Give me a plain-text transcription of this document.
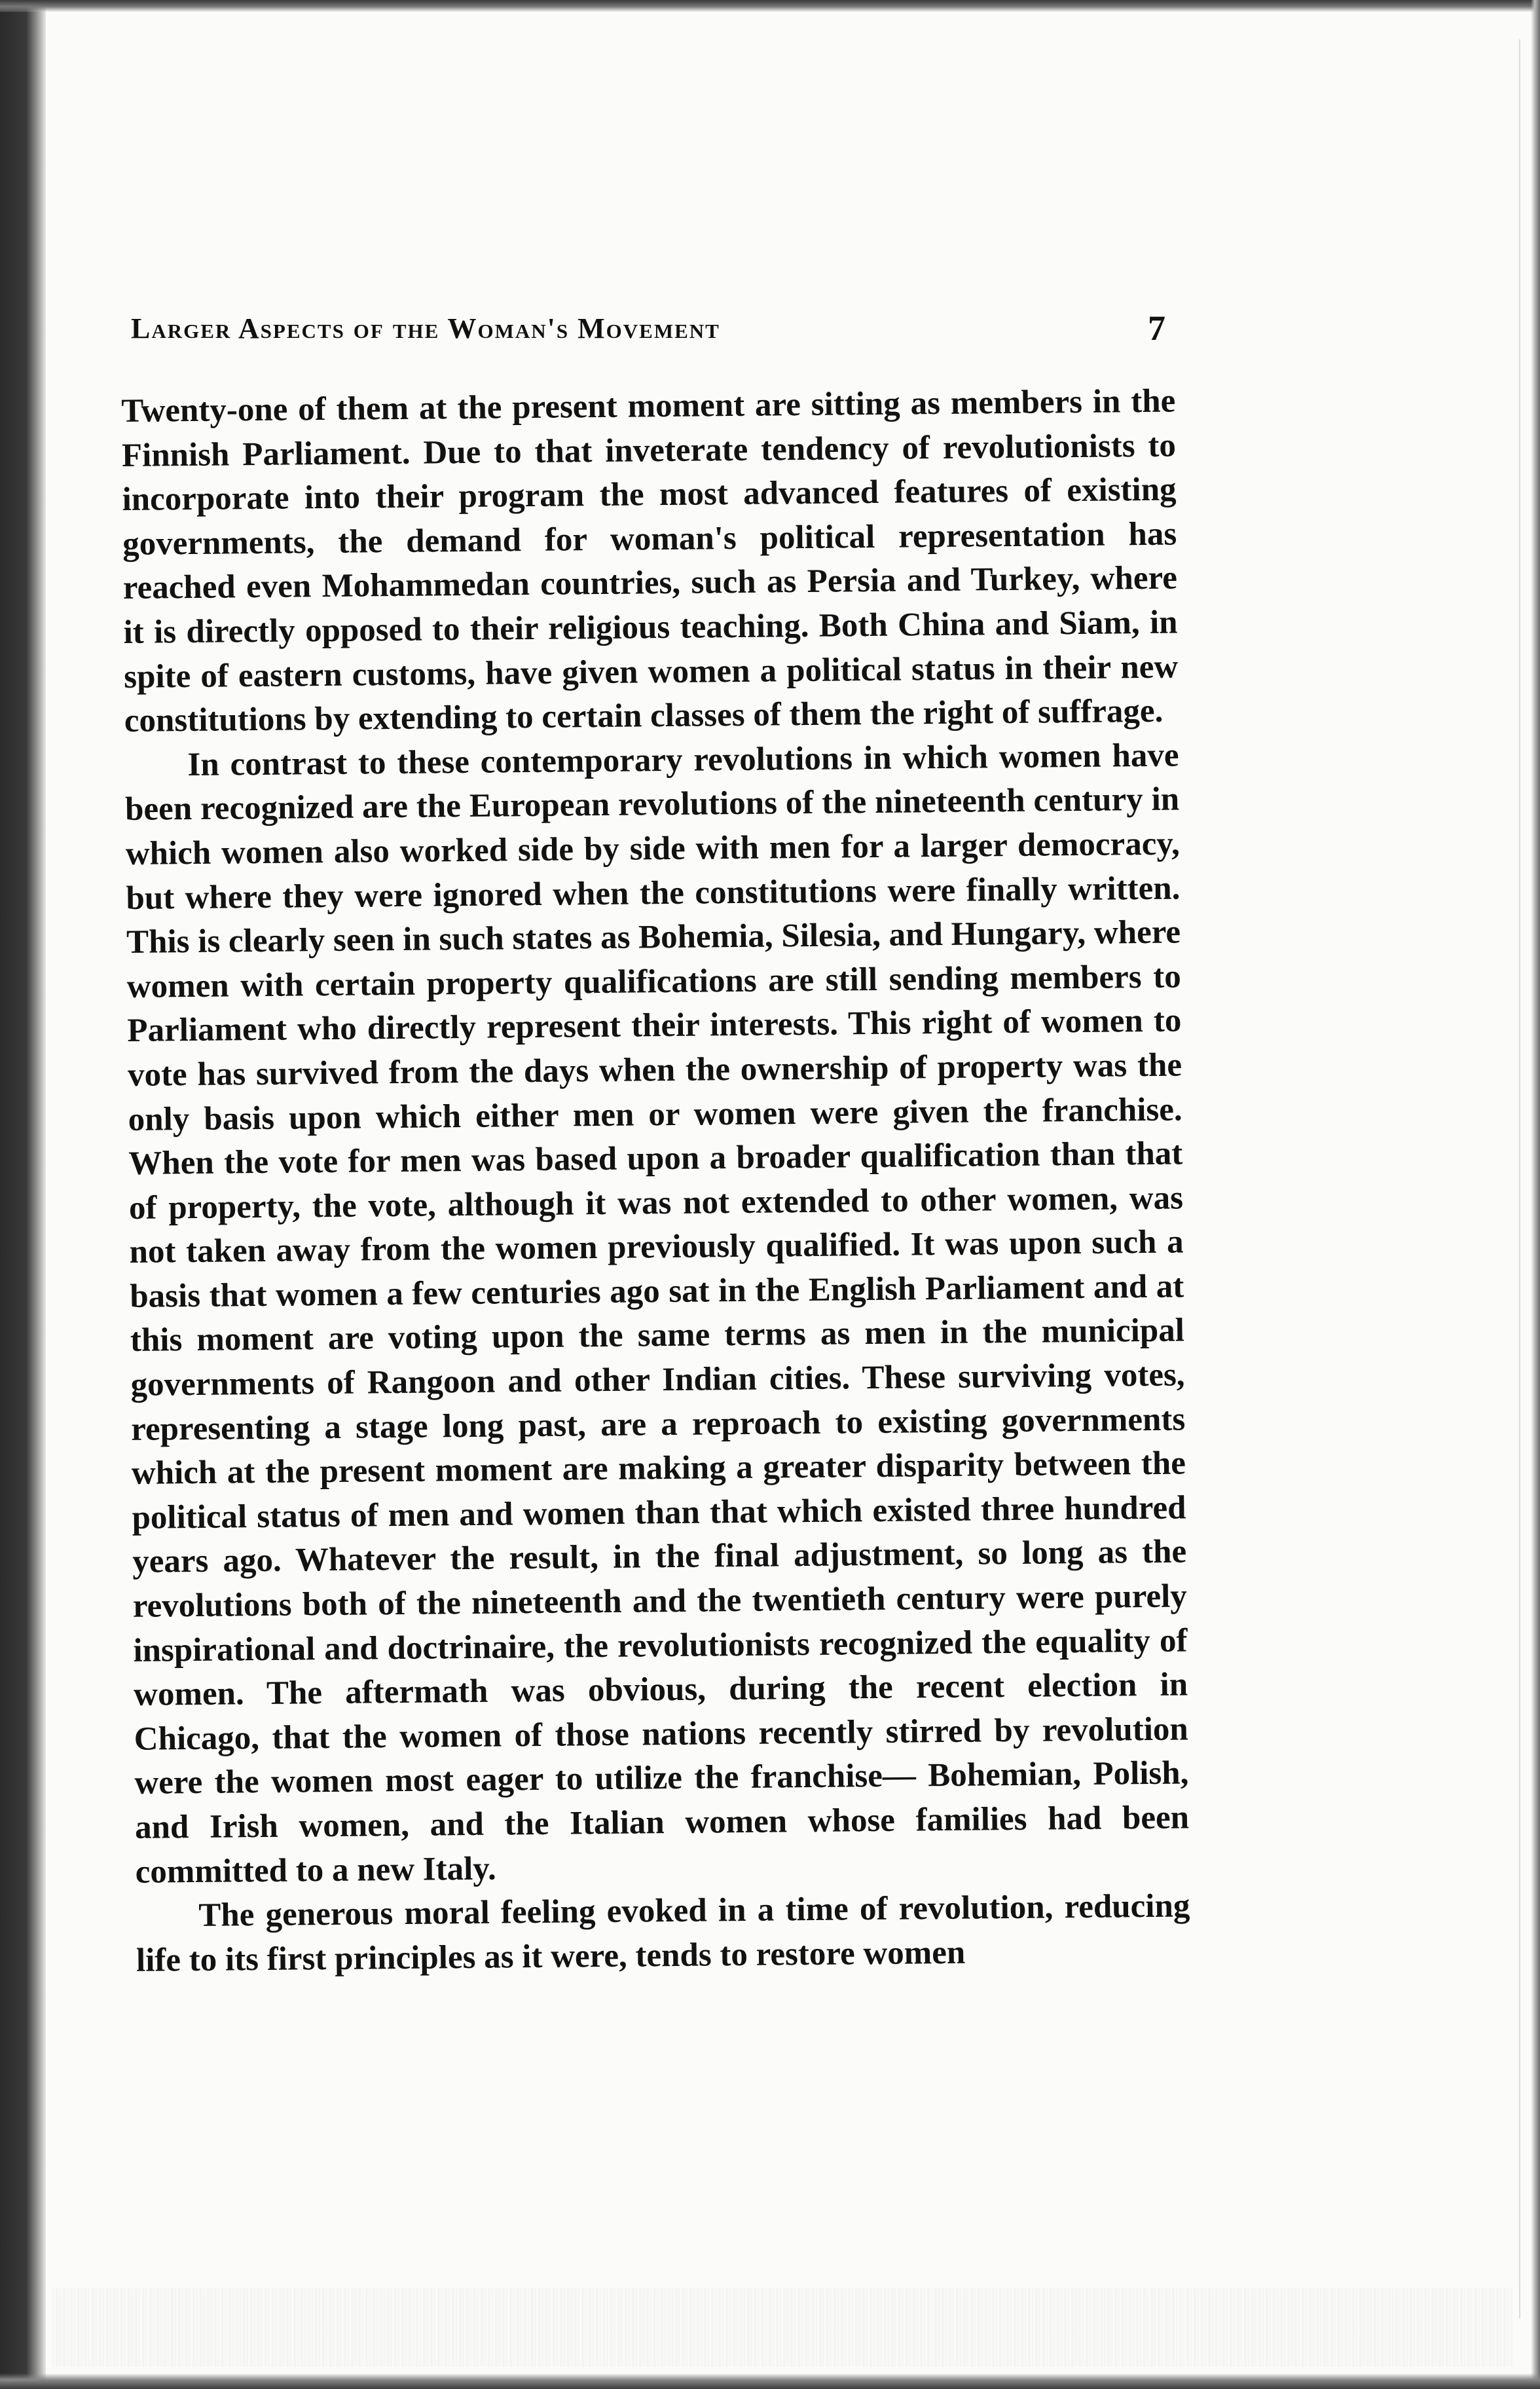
Larger Aspects of the Woman's Movement	7

Twenty-one of them at the present moment are sitting as members in the Finnish Parliament. Due to that inveterate tendency of revolutionists to incorporate into their program the most advanced features of existing governments, the demand for woman's political representation has reached even Mohammedan countries, such as Persia and Turkey, where it is directly opposed to their religious teaching. Both China and Siam, in spite of eastern customs, have given women a political status in their new constitutions by extending to certain classes of them the right of suffrage.

In contrast to these contemporary revolutions in which women have been recognized are the European revolutions of the nineteenth century in which women also worked side by side with men for a larger democracy, but where they were ignored when the constitutions were finally written. This is clearly seen in such states as Bohemia, Silesia, and Hungary, where women with certain property qualifications are still sending members to Parliament who directly represent their interests. This right of women to vote has survived from the days when the ownership of property was the only basis upon which either men or women were given the franchise. When the vote for men was based upon a broader qualification than that of property, the vote, although it was not extended to other women, was not taken away from the women previously qualified. It was upon such a basis that women a few centuries ago sat in the English Parliament and at this moment are voting upon the same terms as men in the municipal governments of Rangoon and other Indian cities. These surviving votes, representing a stage long past, are a reproach to existing governments which at the present moment are making a greater disparity between the political status of men and women than that which existed three hundred years ago. Whatever the result, in the final adjustment, so long as the revolutions both of the nineteenth and the twentieth century were purely inspirational and doctrinaire, the revolutionists recognized the equality of women. The aftermath was obvious, during the recent election in Chicago, that the women of those nations recently stirred by revolution were the women most eager to utilize the franchise— Bohemian, Polish, and Irish women, and the Italian women whose families had been committed to a new Italy.

The generous moral feeling evoked in a time of revolution, reducing life to its first principles as it were, tends to restore women
